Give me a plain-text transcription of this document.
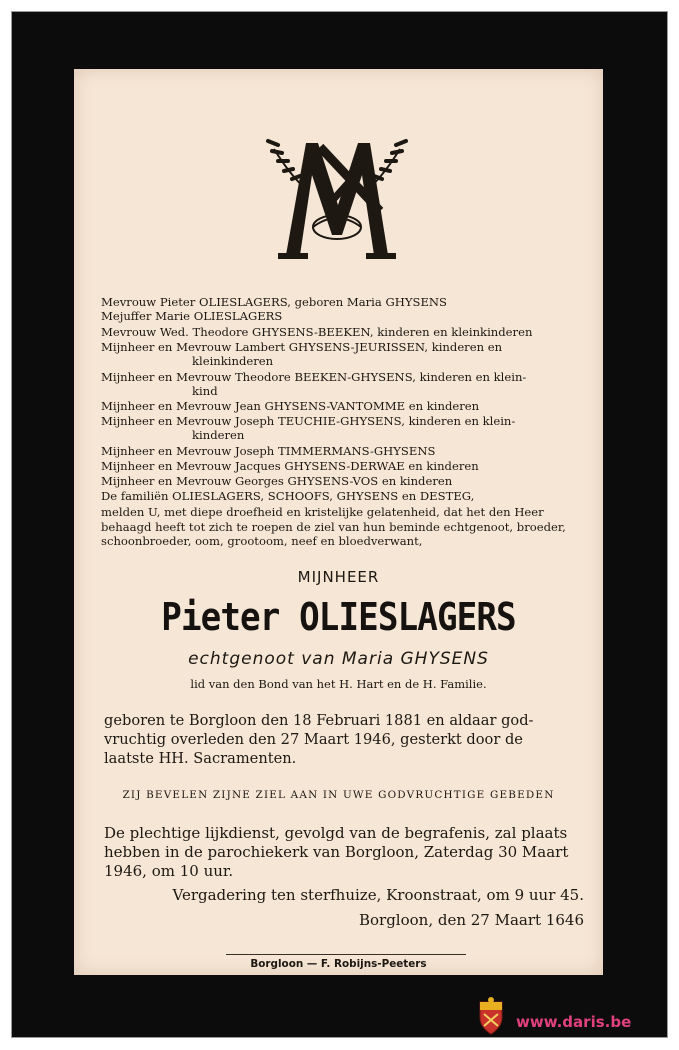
Mevrouw Pieter OLIESLAGERS, geboren Maria GHYSENS
Mejuffer Marie OLIESLAGERS
Mevrouw Wed. Theodore GHYSENS-BEEKEN, kinderen en kleinkinderen
Mijnheer en Mevrouw Lambert GHYSENS-JEURISSEN, kinderen en
kleinkinderen
Mijnheer en Mevrouw Theodore BEEKEN-GHYSENS, kinderen en klein-
kind
Mijnheer en Mevrouw Jean GHYSENS-VANTOMME en kinderen
Mijnheer en Mevrouw Joseph TEUCHIE-GHYSENS, kinderen en klein-
kinderen
Mijnheer en Mevrouw Joseph TIMMERMANS-GHYSENS
Mijnheer en Mevrouw Jacques GHYSENS-DERWAE en kinderen
Mijnheer en Mevrouw Georges GHYSENS-VOS en kinderen
De familiën OLIESLAGERS, SCHOOFS, GHYSENS en DESTEG,
melden U, met diepe droefheid en kristelijke gelatenheid, dat het den Heer
behaagd heeft tot zich te roepen de ziel van hun beminde echtgenoot, broeder,
schoonbroeder, oom, grootoom, neef en bloedverwant,
MIJNHEER
Pieter OLIESLAGERS
echtgenoot van Maria GHYSENS
lid van den Bond van het H. Hart en de H. Familie.
geboren te Borgloon den 18 Februari 1881 en aldaar god-
vruchtig overleden den 27 Maart 1946, gesterkt door de
laatste HH. Sacramenten.
ZIJ BEVELEN ZIJNE ZIEL AAN IN UWE GODVRUCHTIGE GEBEDEN
De plechtige lijkdienst, gevolgd van de begrafenis, zal plaats
hebben in de parochiekerk van Borgloon, Zaterdag 30 Maart
1946, om 10 uur.
Vergadering ten sterfhuize, Kroonstraat, om 9 uur 45.
Borgloon, den 27 Maart 1646
Borgloon — F. Robijns-Peeters
www.daris.be
